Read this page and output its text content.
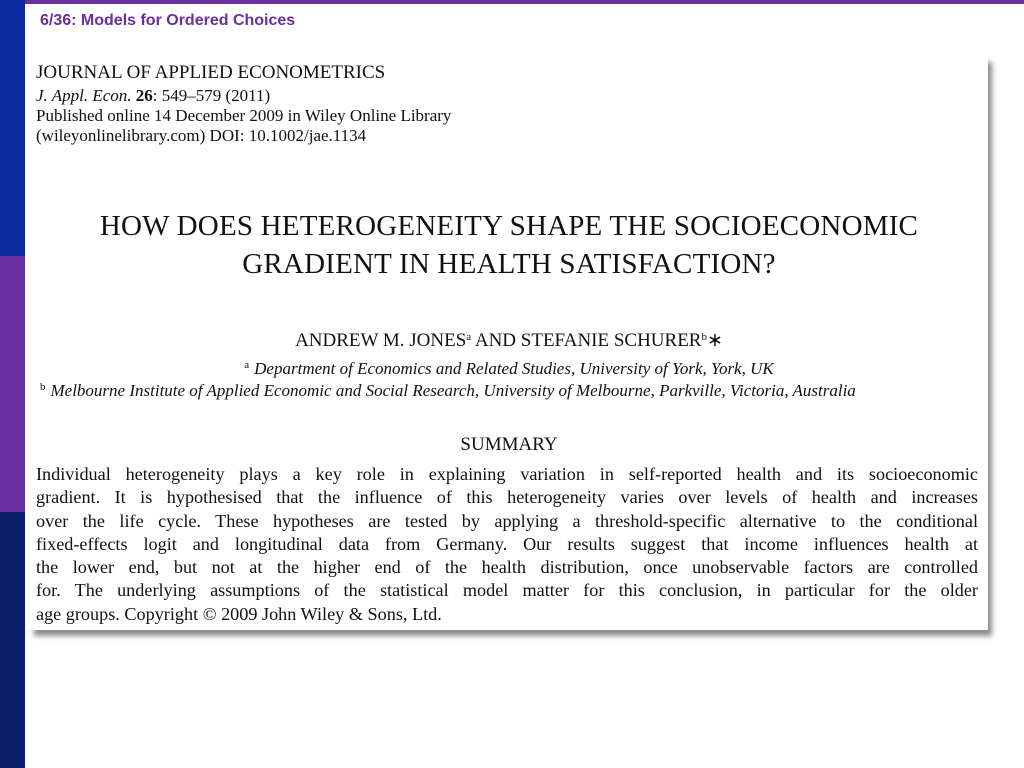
6/36: Models for Ordered Choices
JOURNAL OF APPLIED ECONOMETRICS
J. Appl. Econ. 26: 549–579 (2011)
Published online 14 December 2009 in Wiley Online Library
(wileyonlinelibrary.com) DOI: 10.1002/jae.1134
HOW DOES HETEROGENEITY SHAPE THE SOCIOECONOMIC
GRADIENT IN HEALTH SATISFACTION?
ANDREW M. JONES$^a$ AND STEFANIE SCHURER$^b$∗
$^a$ Department of Economics and Related Studies, University of York, York, UK
$^b$ Melbourne Institute of Applied Economic and Social Research, University of Melbourne, Parkville, Victoria, Australia
SUMMARY
Individual heterogeneity plays a key role in explaining variation in self-reported health and its socioeconomic
gradient. It is hypothesised that the influence of this heterogeneity varies over levels of health and increases
over the life cycle. These hypotheses are tested by applying a threshold-specific alternative to the conditional
fixed-effects logit and longitudinal data from Germany. Our results suggest that income influences health at
the lower end, but not at the higher end of the health distribution, once unobservable factors are controlled
for. The underlying assumptions of the statistical model matter for this conclusion, in particular for the older
age groups. Copyright © 2009 John Wiley & Sons, Ltd.
